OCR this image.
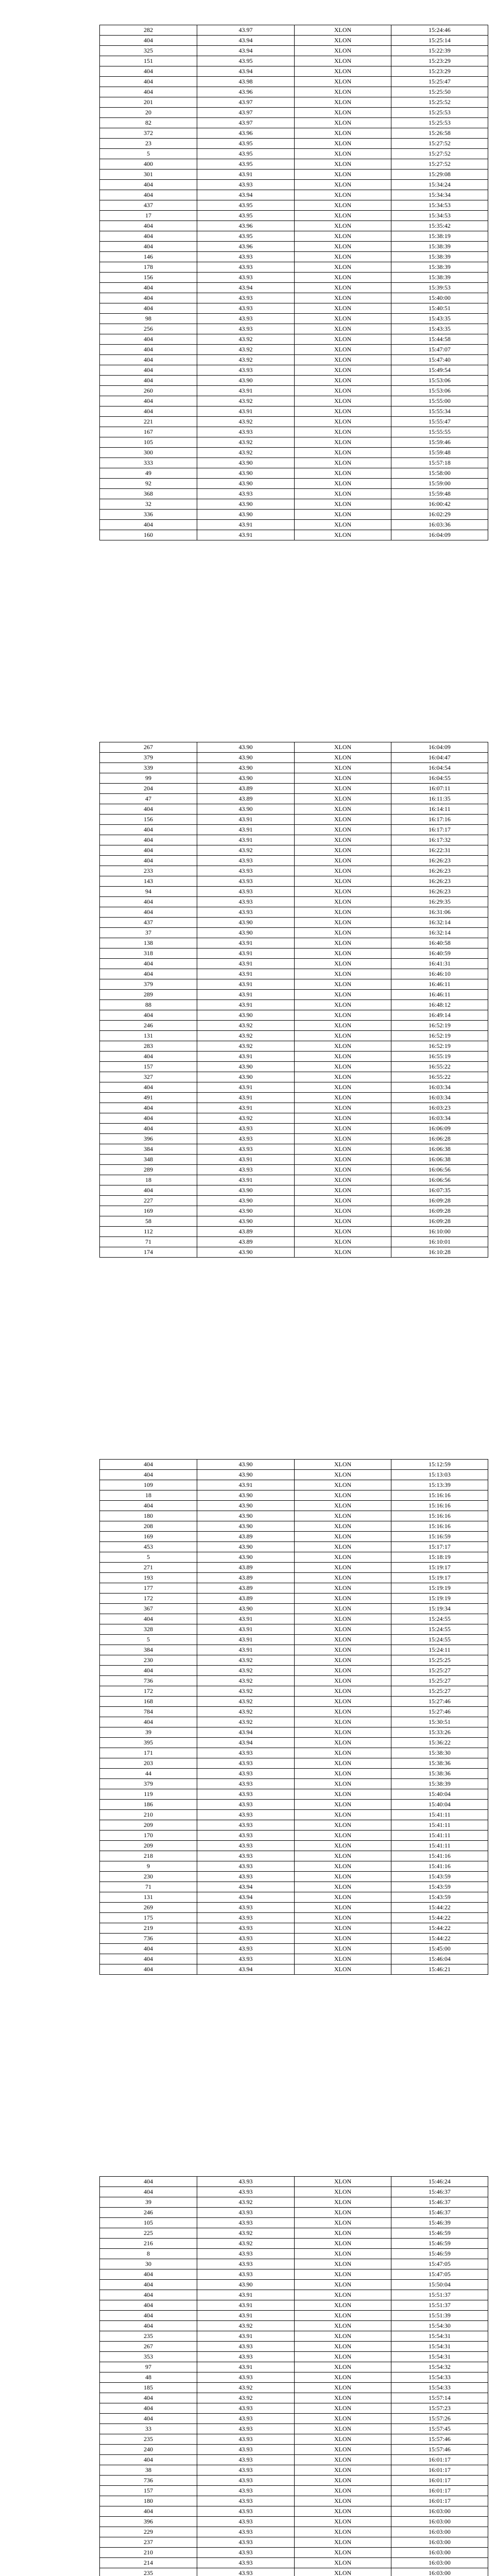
282	43.97	XLON	15:24:46
404	43.94	XLON	15:25:14
325	43.94	XLON	15:22:39
151	43.95	XLON	15:23:29
404	43.94	XLON	15:23:29
404	43.98	XLON	15:25:47
404	43.96	XLON	15:25:50
201	43.97	XLON	15:25:52
20	43.97	XLON	15:25:53
82	43.97	XLON	15:25:53
372	43.96	XLON	15:26:58
23	43.95	XLON	15:27:52
5	43.95	XLON	15:27:52
400	43.95	XLON	15:27:52
301	43.91	XLON	15:29:08
404	43.93	XLON	15:34:24
404	43.94	XLON	15:34:34
437	43.95	XLON	15:34:53
17	43.95	XLON	15:34:53
404	43.96	XLON	15:35:42
404	43.95	XLON	15:38:19
404	43.96	XLON	15:38:39
146	43.93	XLON	15:38:39
178	43.93	XLON	15:38:39
156	43.93	XLON	15:38:39
404	43.94	XLON	15:39:53
404	43.93	XLON	15:40:00
404	43.93	XLON	15:40:51
98	43.93	XLON	15:43:35
256	43.93	XLON	15:43:35
404	43.92	XLON	15:44:58
404	43.92	XLON	15:47:07
404	43.92	XLON	15:47:40
404	43.93	XLON	15:49:54
404	43.90	XLON	15:53:06
260	43.91	XLON	15:53:06
404	43.92	XLON	15:55:00
404	43.91	XLON	15:55:34
221	43.92	XLON	15:55:47
167	43.93	XLON	15:55:55
105	43.92	XLON	15:59:46
300	43.92	XLON	15:59:48
333	43.90	XLON	15:57:18
49	43.90	XLON	15:58:00
92	43.90	XLON	15:59:00
368	43.93	XLON	15:59:48
32	43.90	XLON	16:00:42
336	43.90	XLON	16:02:29
404	43.91	XLON	16:03:36
160	43.91	XLON	16:04:09
267	43.90	XLON	16:04:09
379	43.90	XLON	16:04:47
339	43.90	XLON	16:04:54
99	43.90	XLON	16:04:55
204	43.89	XLON	16:07:11
47	43.89	XLON	16:11:35
404	43.90	XLON	16:14:11
156	43.91	XLON	16:17:16
404	43.91	XLON	16:17:17
404	43.91	XLON	16:17:32
404	43.92	XLON	16:22:31
404	43.93	XLON	16:26:23
233	43.93	XLON	16:26:23
143	43.93	XLON	16:26:23
94	43.93	XLON	16:26:23
404	43.93	XLON	16:29:35
404	43.93	XLON	16:31:06
437	43.90	XLON	16:32:14
37	43.90	XLON	16:32:14
138	43.91	XLON	16:40:58
318	43.91	XLON	16:40:59
404	43.91	XLON	16:41:31
404	43.91	XLON	16:46:10
379	43.91	XLON	16:46:11
289	43.91	XLON	16:46:11
88	43.91	XLON	16:48:12
404	43.90	XLON	16:49:14
246	43.92	XLON	16:52:19
131	43.92	XLON	16:52:19
283	43.92	XLON	16:52:19
404	43.91	XLON	16:55:19
157	43.90	XLON	16:55:22
327	43.90	XLON	16:55:22
404	43.91	XLON	16:03:34
491	43.91	XLON	16:03:34
404	43.91	XLON	16:03:23
404	43.92	XLON	16:03:34
404	43.93	XLON	16:06:09
396	43.93	XLON	16:06:28
384	43.93	XLON	16:06:38
348	43.91	XLON	16:06:38
289	43.93	XLON	16:06:56
18	43.91	XLON	16:06:56
404	43.90	XLON	16:07:35
227	43.90	XLON	16:09:28
169	43.90	XLON	16:09:28
58	43.90	XLON	16:09:28
112	43.89	XLON	16:10:00
71	43.89	XLON	16:10:01
174	43.90	XLON	16:10:28
404	43.90	XLON	15:12:59
404	43.90	XLON	15:13:03
109	43.91	XLON	15:13:39
18	43.90	XLON	15:16:16
404	43.90	XLON	15:16:16
180	43.90	XLON	15:16:16
208	43.90	XLON	15:16:16
169	43.89	XLON	15:16:59
453	43.90	XLON	15:17:17
5	43.90	XLON	15:18:19
271	43.89	XLON	15:19:17
193	43.89	XLON	15:19:17
177	43.89	XLON	15:19:19
172	43.89	XLON	15:19:19
367	43.90	XLON	15:19:34
404	43.91	XLON	15:24:55
328	43.91	XLON	15:24:55
5	43.91	XLON	15:24:55
384	43.91	XLON	15:24:11
230	43.92	XLON	15:25:25
404	43.92	XLON	15:25:27
736	43.92	XLON	15:25:27
172	43.92	XLON	15:25:27
168	43.92	XLON	15:27:46
784	43.92	XLON	15:27:46
404	43.92	XLON	15:30:51
39	43.94	XLON	15:33:26
395	43.94	XLON	15:36:22
171	43.93	XLON	15:38:30
203	43.93	XLON	15:38:36
44	43.93	XLON	15:38:36
379	43.93	XLON	15:38:39
119	43.93	XLON	15:40:04
186	43.93	XLON	15:40:04
210	43.93	XLON	15:41:11
209	43.93	XLON	15:41:11
170	43.93	XLON	15:41:11
209	43.93	XLON	15:41:11
218	43.93	XLON	15:41:16
9	43.93	XLON	15:41:16
230	43.93	XLON	15:43:59
71	43.94	XLON	15:43:59
131	43.94	XLON	15:43:59
269	43.93	XLON	15:44:22
175	43.93	XLON	15:44:22
219	43.93	XLON	15:44:22
736	43.93	XLON	15:44:22
404	43.93	XLON	15:45:00
404	43.93	XLON	15:46:04
404	43.94	XLON	15:46:21
404	43.93	XLON	15:46:24
404	43.93	XLON	15:46:37
39	43.92	XLON	15:46:37
246	43.93	XLON	15:46:37
105	43.93	XLON	15:46:39
225	43.92	XLON	15:46:59
216	43.92	XLON	15:46:59
8	43.93	XLON	15:46:59
30	43.93	XLON	15:47:05
404	43.93	XLON	15:47:05
404	43.90	XLON	15:50:04
404	43.91	XLON	15:51:37
404	43.91	XLON	15:51:37
404	43.91	XLON	15:51:39
404	43.92	XLON	15:54:30
235	43.91	XLON	15:54:31
267	43.93	XLON	15:54:31
353	43.93	XLON	15:54:31
97	43.91	XLON	15:54:32
48	43.93	XLON	15:54:33
185	43.92	XLON	15:54:33
404	43.92	XLON	15:57:14
404	43.93	XLON	15:57:23
404	43.93	XLON	15:57:26
33	43.93	XLON	15:57:45
235	43.93	XLON	15:57:46
240	43.93	XLON	15:57:46
404	43.93	XLON	16:01:17
38	43.93	XLON	16:01:17
736	43.93	XLON	16:01:17
157	43.93	XLON	16:01:17
180	43.93	XLON	16:01:17
404	43.93	XLON	16:03:00
396	43.93	XLON	16:03:00
229	43.93	XLON	16:03:00
237	43.93	XLON	16:03:00
210	43.93	XLON	16:03:00
214	43.93	XLON	16:03:00
235	43.93	XLON	16:03:00
